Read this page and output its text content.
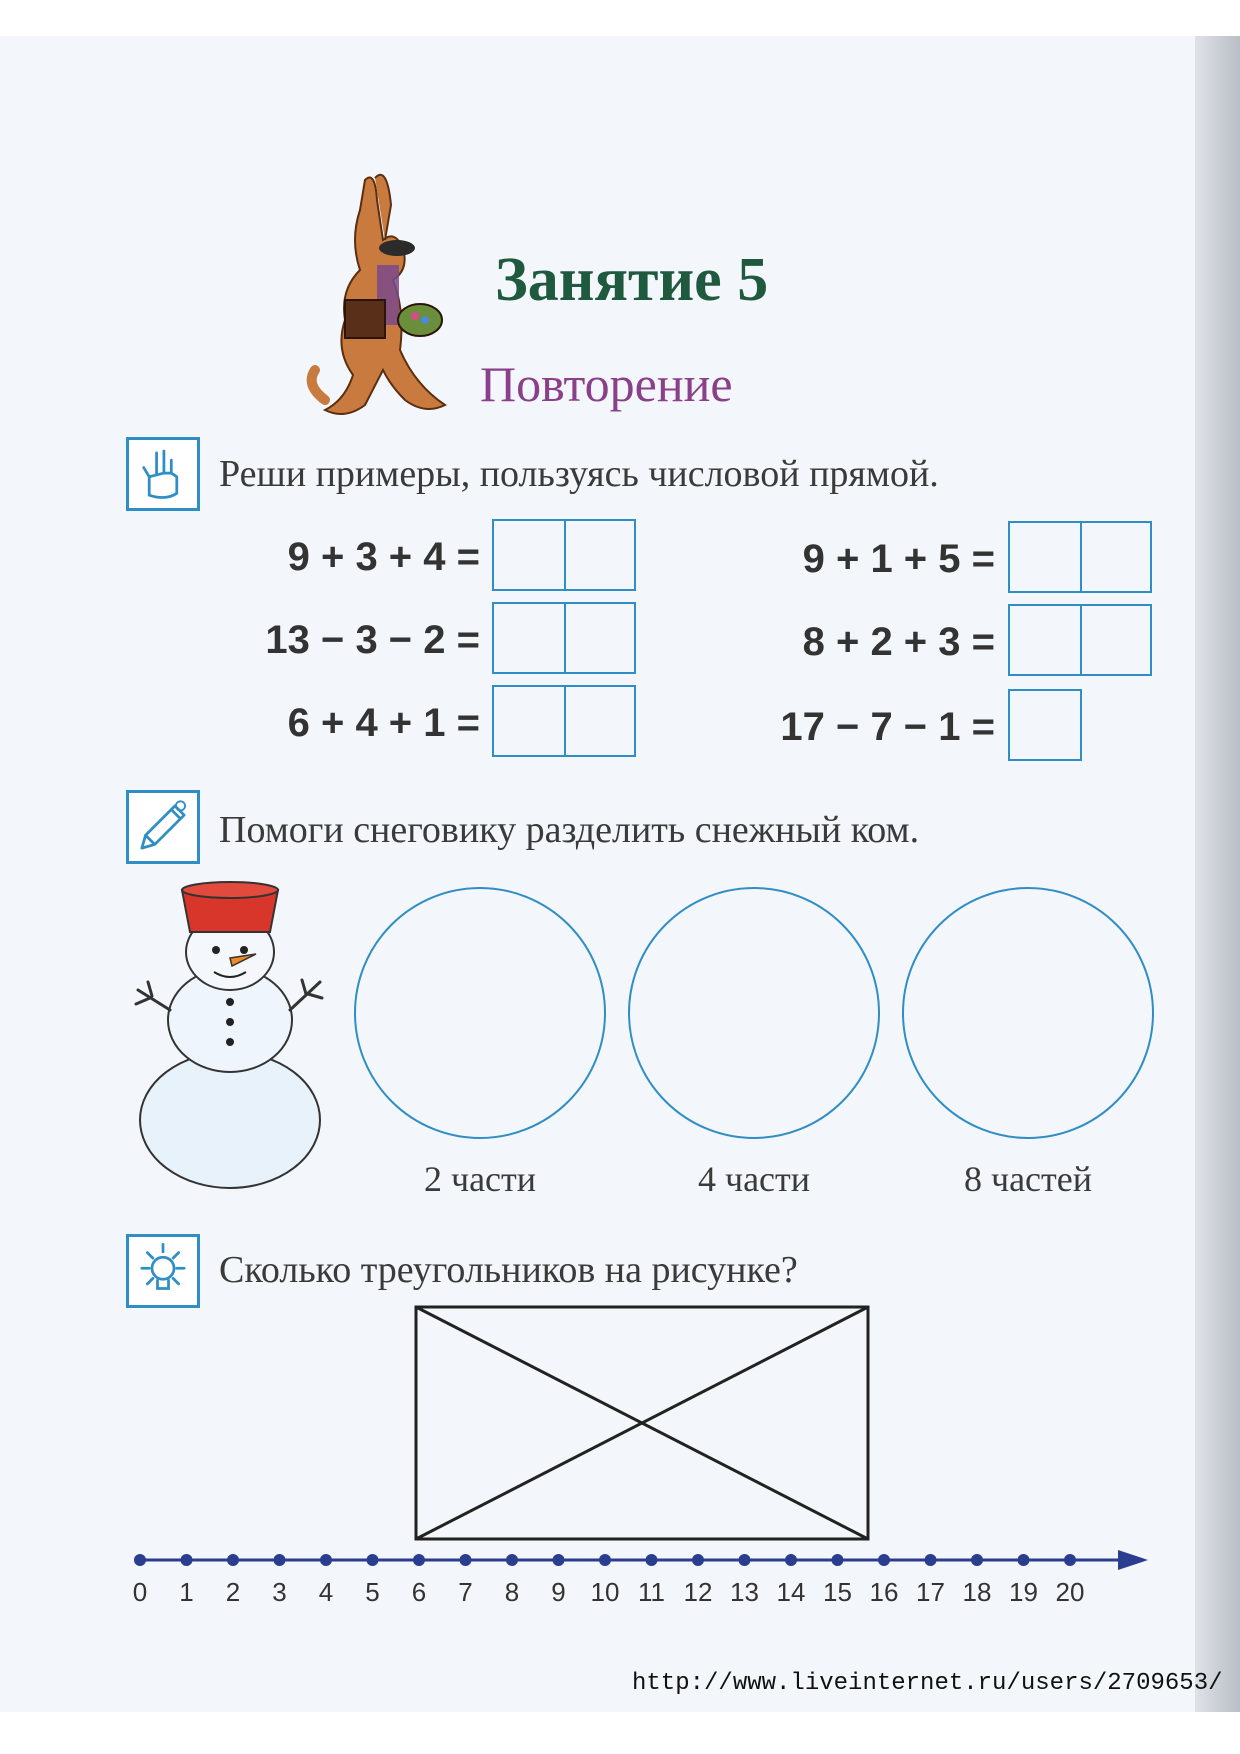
Занятие 5
Повторение
Реши примеры, пользуясь числовой прямой.
9 + 3 + 4 =
13 − 3 − 2 =
6 + 4 + 1 =
9 + 1 + 5 =
8 + 2 + 3 =
17 − 7 − 1 =
Помоги снеговику разделить снежный ком.
2 части	4 части	8 частей
Сколько треугольников на рисунке?
0	1	2	3	4	5	6	7	8	9 10 11 12 13 14 15 16 17 18 19 20
http://www.liveinternet.ru/users/2709653/
